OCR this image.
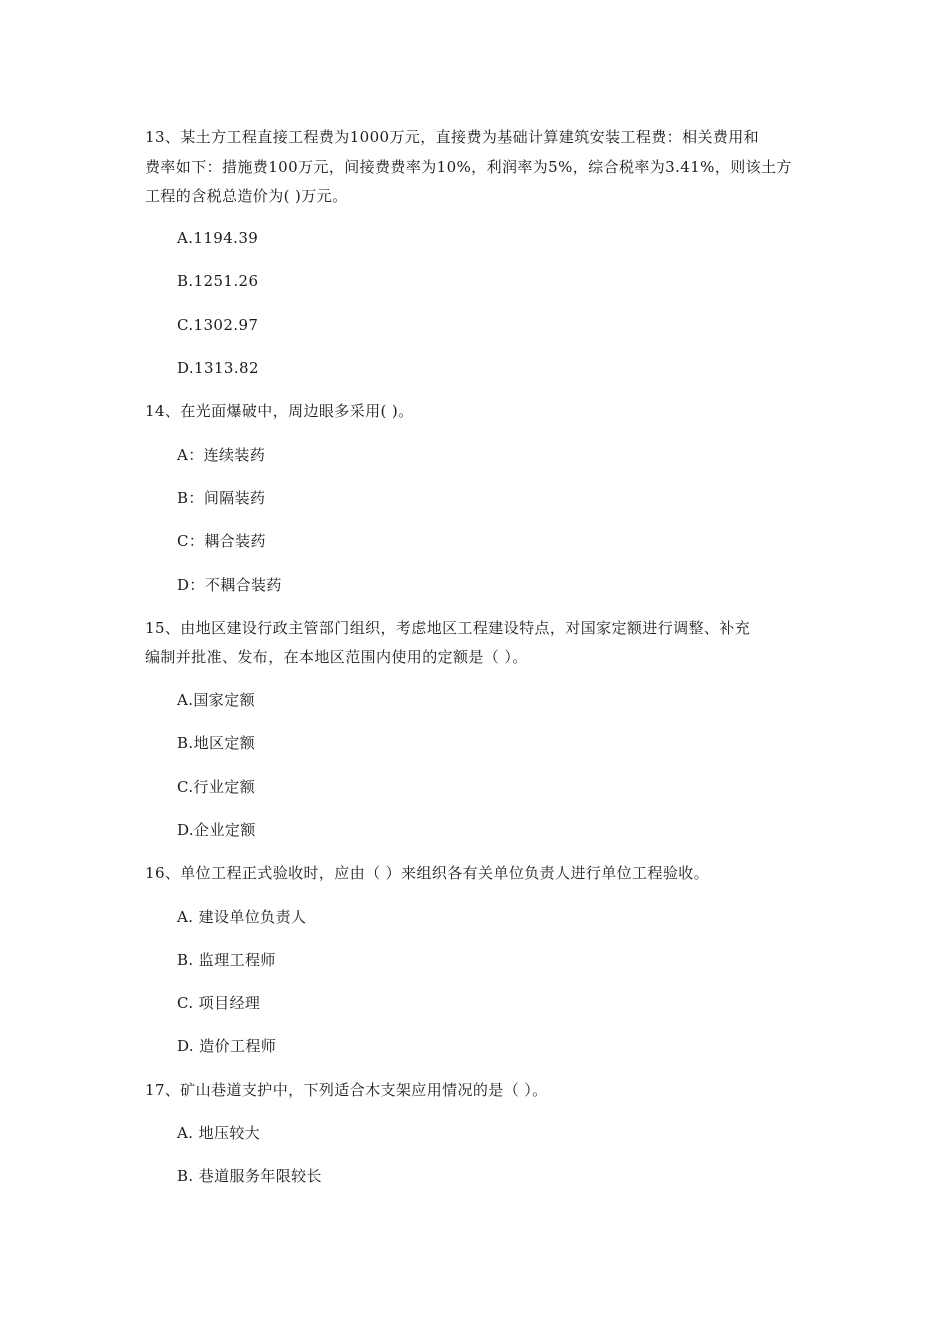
13、某土方工程直接工程费为1000万元，直接费为基础计算建筑安装工程费：相关费用和
费率如下：措施费100万元，间接费费率为10%，利润率为5%，综合税率为3.41%，则该土方
工程的含税总造价为( )万元。
A.1194.39
B.1251.26
C.1302.97
D.1313.82
14、在光面爆破中，周边眼多采用( )。
A：连续装药
B：间隔装药
C：耦合装药
D：不耦合装药
15、由地区建设行政主管部门组织，考虑地区工程建设特点，对国家定额进行调整、补充
编制并批准、发布，在本地区范围内使用的定额是（ ）。
A.国家定额
B.地区定额
C.行业定额
D.企业定额
16、单位工程正式验收时，应由（ ）来组织各有关单位负责人进行单位工程验收。
A. 建设单位负责人
B. 监理工程师
C. 项目经理
D. 造价工程师
17、矿山巷道支护中，下列适合木支架应用情况的是（ ）。
A. 地压较大
B. 巷道服务年限较长
